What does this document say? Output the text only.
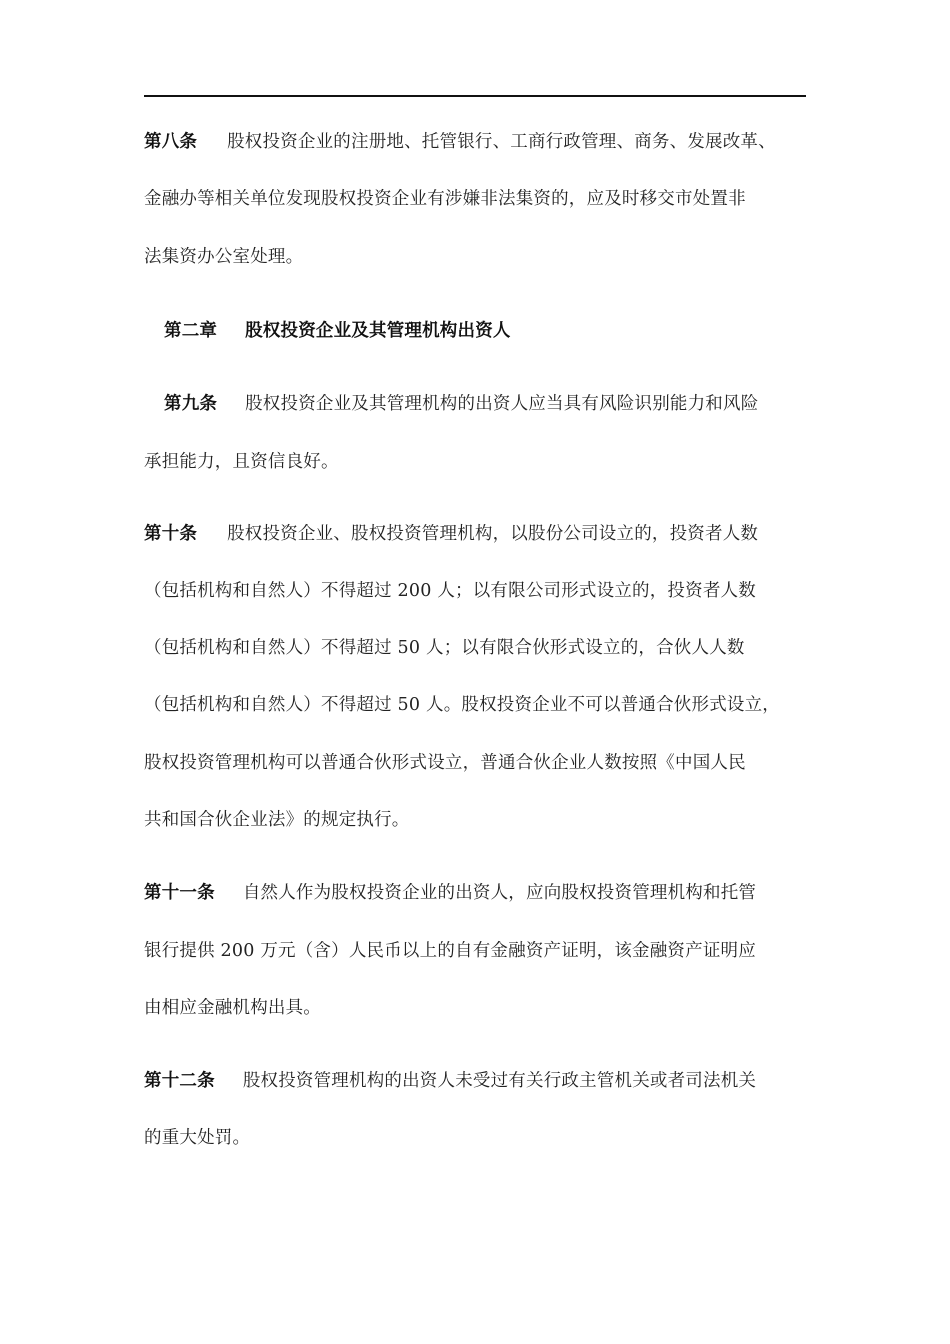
第八条 股权投资企业的注册地、托管银行、工商行政管理、商务、发展改革、
金融办等相关单位发现股权投资企业有涉嫌非法集资的，应及时移交市处置非
法集资办公室处理。
第二章 股权投资企业及其管理机构出资人
第九条 股权投资企业及其管理机构的出资人应当具有风险识别能力和风险
承担能力，且资信良好。
第十条 股权投资企业、股权投资管理机构，以股份公司设立的，投资者人数
（包括机构和自然人）不得超过 200 人；以有限公司形式设立的，投资者人数
（包括机构和自然人）不得超过 50 人；以有限合伙形式设立的，合伙人人数
（包括机构和自然人）不得超过 50 人。股权投资企业不可以普通合伙形式设立，
股权投资管理机构可以普通合伙形式设立，普通合伙企业人数按照《中国人民
共和国合伙企业法》的规定执行。
第十一条 自然人作为股权投资企业的出资人，应向股权投资管理机构和托管
银行提供 200 万元（含）人民币以上的自有金融资产证明，该金融资产证明应
由相应金融机构出具。
第十二条 股权投资管理机构的出资人未受过有关行政主管机关或者司法机关
的重大处罚。
